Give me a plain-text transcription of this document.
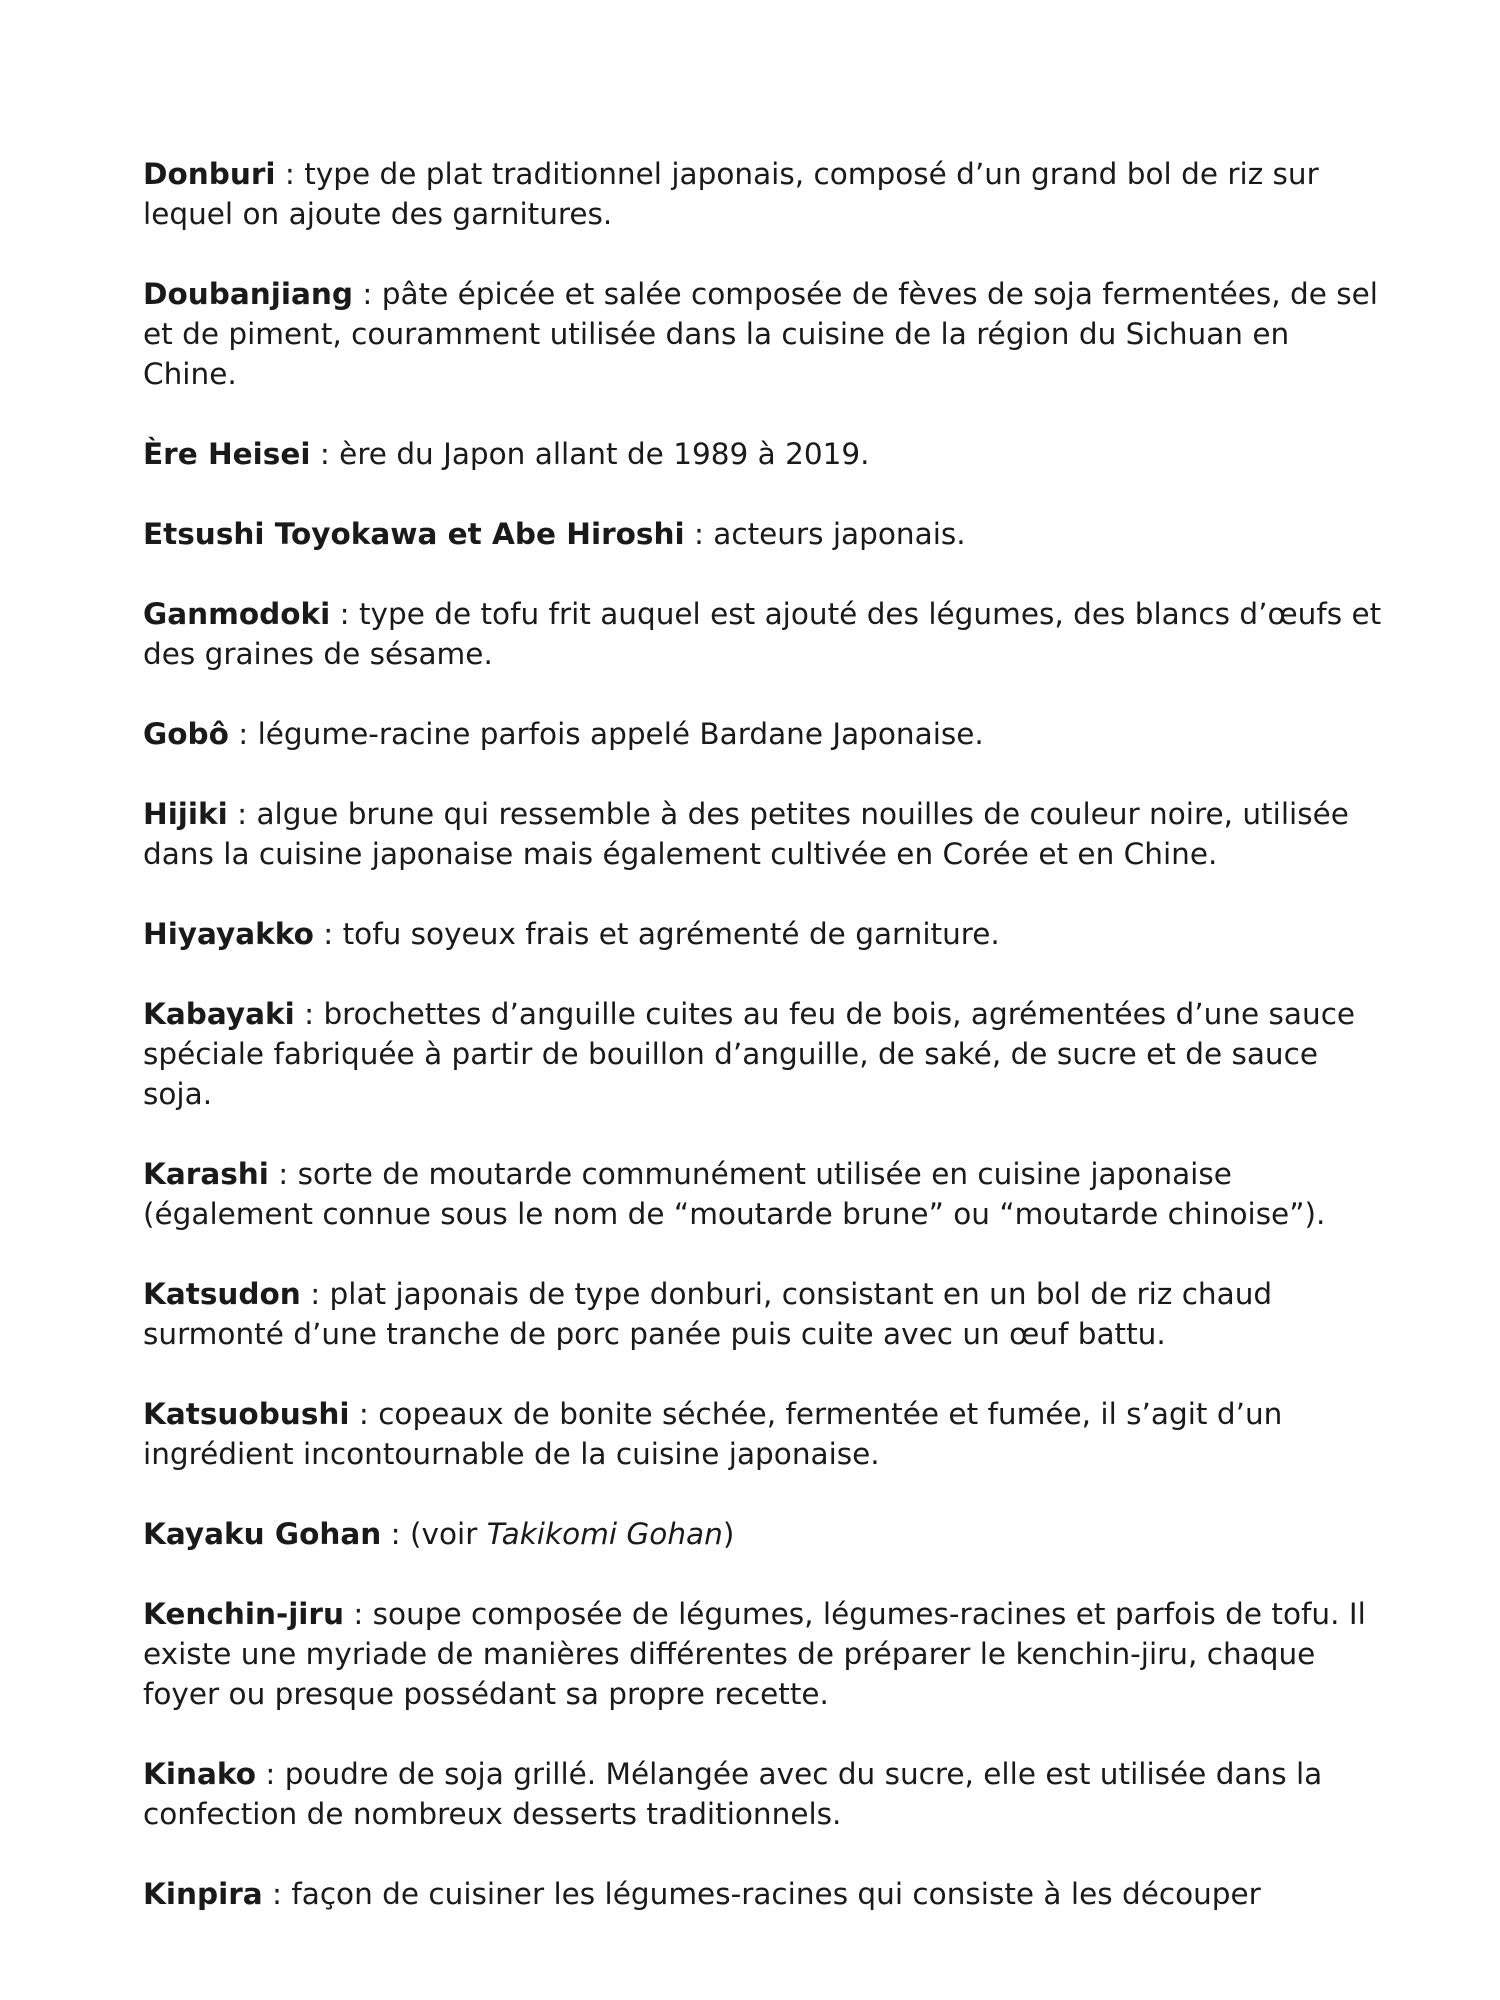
Donburi : type de plat traditionnel japonais, composé d’un grand bol de riz sur lequel on ajoute des garnitures.

Doubanjiang : pâte épicée et salée composée de fèves de soja fermentées, de sel et de piment, couramment utilisée dans la cuisine de la région du Sichuan en Chine.

Ère Heisei : ère du Japon allant de 1989 à 2019.

Etsushi Toyokawa et Abe Hiroshi : acteurs japonais.

Ganmodoki : type de tofu frit auquel est ajouté des légumes, des blancs d’œufs et des graines de sésame.

Gobô : légume-racine parfois appelé Bardane Japonaise.

Hijiki : algue brune qui ressemble à des petites nouilles de couleur noire, utilisée dans la cuisine japonaise mais également cultivée en Corée et en Chine.

Hiyayakko : tofu soyeux frais et agrémenté de garniture.

Kabayaki : brochettes d’anguille cuites au feu de bois, agrémentées d’une sauce spéciale fabriquée à partir de bouillon d’anguille, de saké, de sucre et de sauce soja.

Karashi : sorte de moutarde communément utilisée en cuisine japonaise (également connue sous le nom de “moutarde brune” ou “moutarde chinoise”).

Katsudon : plat japonais de type donburi, consistant en un bol de riz chaud surmonté d’une tranche de porc panée puis cuite avec un œuf battu.

Katsuobushi : copeaux de bonite séchée, fermentée et fumée, il s’agit d’un ingrédient incontournable de la cuisine japonaise.

Kayaku Gohan : (voir Takikomi Gohan)

Kenchin-jiru : soupe composée de légumes, légumes-racines et parfois de tofu. Il existe une myriade de manières différentes de préparer le kenchin-jiru, chaque foyer ou presque possédant sa propre recette.

Kinako : poudre de soja grillé. Mélangée avec du sucre, elle est utilisée dans la confection de nombreux desserts traditionnels.

Kinpira : façon de cuisiner les légumes-racines qui consiste à les découper
